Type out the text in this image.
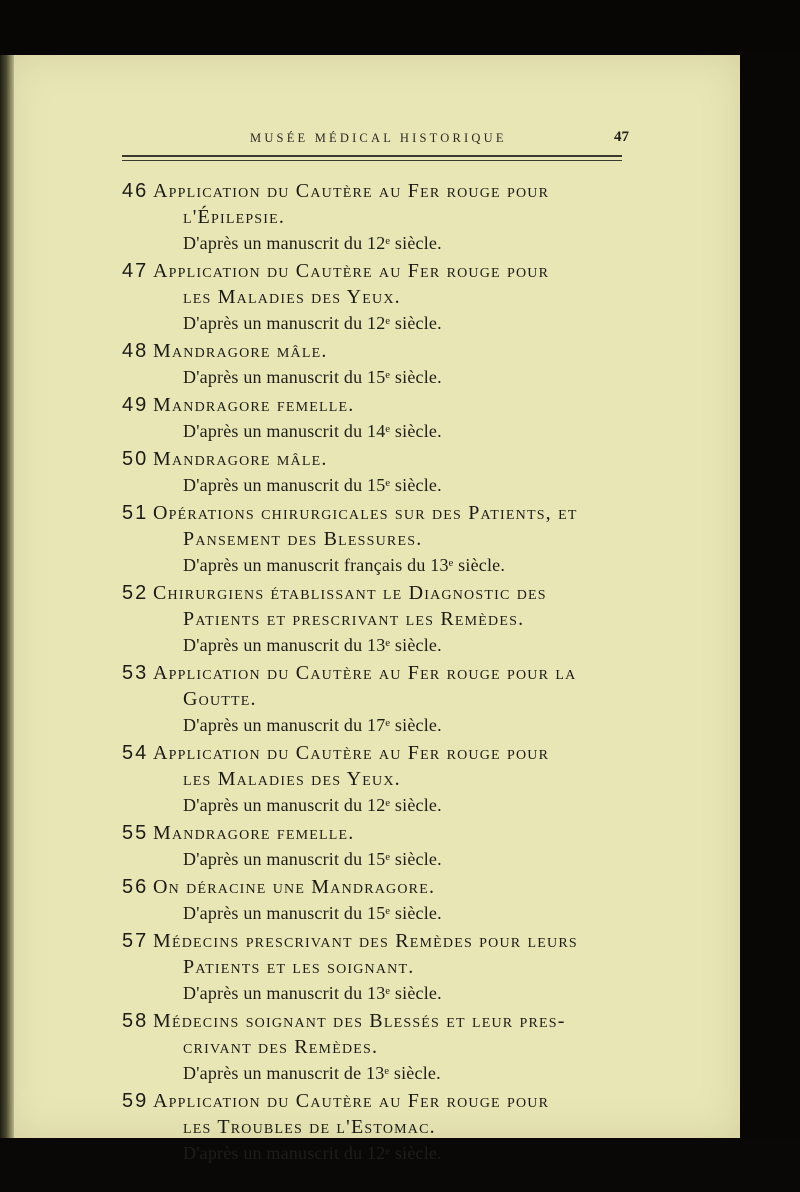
MUSÉE MÉDICAL HISTORIQUE	47
46 Application du Cautère au Fer rouge pour
l'Épilepsie.
D'après un manuscrit du 12ᵉ siècle.
47 Application du Cautère au Fer rouge pour
les Maladies des Yeux.
D'après un manuscrit du 12ᵉ siècle.
48 Mandragore mâle.
D'après un manuscrit du 15ᵉ siècle.
49 Mandragore femelle.
D'après un manuscrit du 14ᵉ siècle.
50 Mandragore mâle.
D'après un manuscrit du 15ᵉ siècle.
51 Opérations chirurgicales sur des Patients, et
Pansement des Blessures.
D'après un manuscrit français du 13ᵉ siècle.
52 Chirurgiens établissant le Diagnostic des
Patients et prescrivant les Remèdes.
D'après un manuscrit du 13ᵉ siècle.
53 Application du Cautère au Fer rouge pour la
Goutte.
D'après un manuscrit du 17ᵉ siècle.
54 Application du Cautère au Fer rouge pour
les Maladies des Yeux.
D'après un manuscrit du 12ᵉ siècle.
55 Mandragore femelle.
D'après un manuscrit du 15ᵉ siècle.
56 On déracine une Mandragore.
D'après un manuscrit du 15ᵉ siècle.
57 Médecins prescrivant des Remèdes pour leurs
Patients et les soignant.
D'après un manuscrit du 13ᵉ siècle.
58 Médecins soignant des Blessés et leur pres-
crivant des Remèdes.
D'après un manuscrit de 13ᵉ siècle.
59 Application du Cautère au Fer rouge pour
les Troubles de l'Estomac.
D'après un manuscrit du 12ᵉ siècle.
